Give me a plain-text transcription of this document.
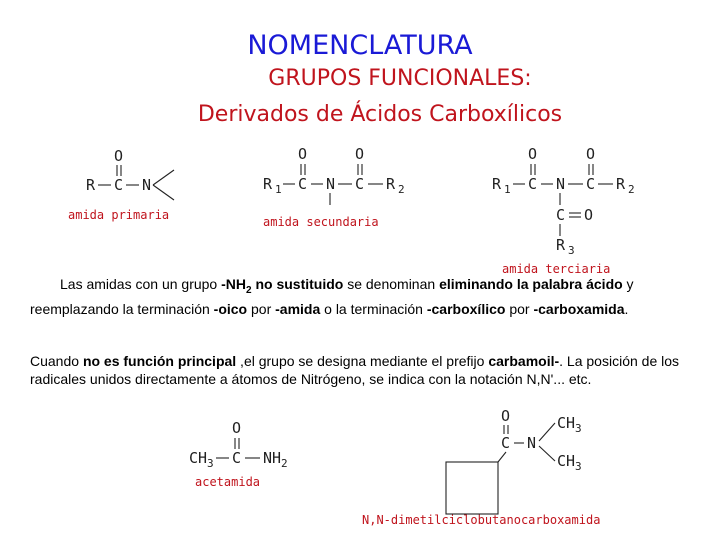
NOMENCLATURA
GRUPOS FUNCIONALES:
Derivados de Ácidos Carboxílicos
O
R C N
amida primaria
O	O
R 1 C N C R 2
amida secundaria
O	O
R 1 C N C R 2
C O
R 3
amida terciaria
O
CH 3 C NH 2
acetamida
O
C N
CH 3
CH 3
N,N-dimetilciclobutanocarboxamida
Las amidas con un grupo $-NH_2$ no sustituido se denominan eliminando la palabra ácido y reemplazando la terminación -oico por -amida o la terminación -carboxílico por -carboxamida.
Cuando no es función principal ,el grupo se designa mediante el prefijo carbamoil-. La posición de los radicales unidos directamente a átomos de Nitrógeno, se indica con la notación N,N'... etc.
